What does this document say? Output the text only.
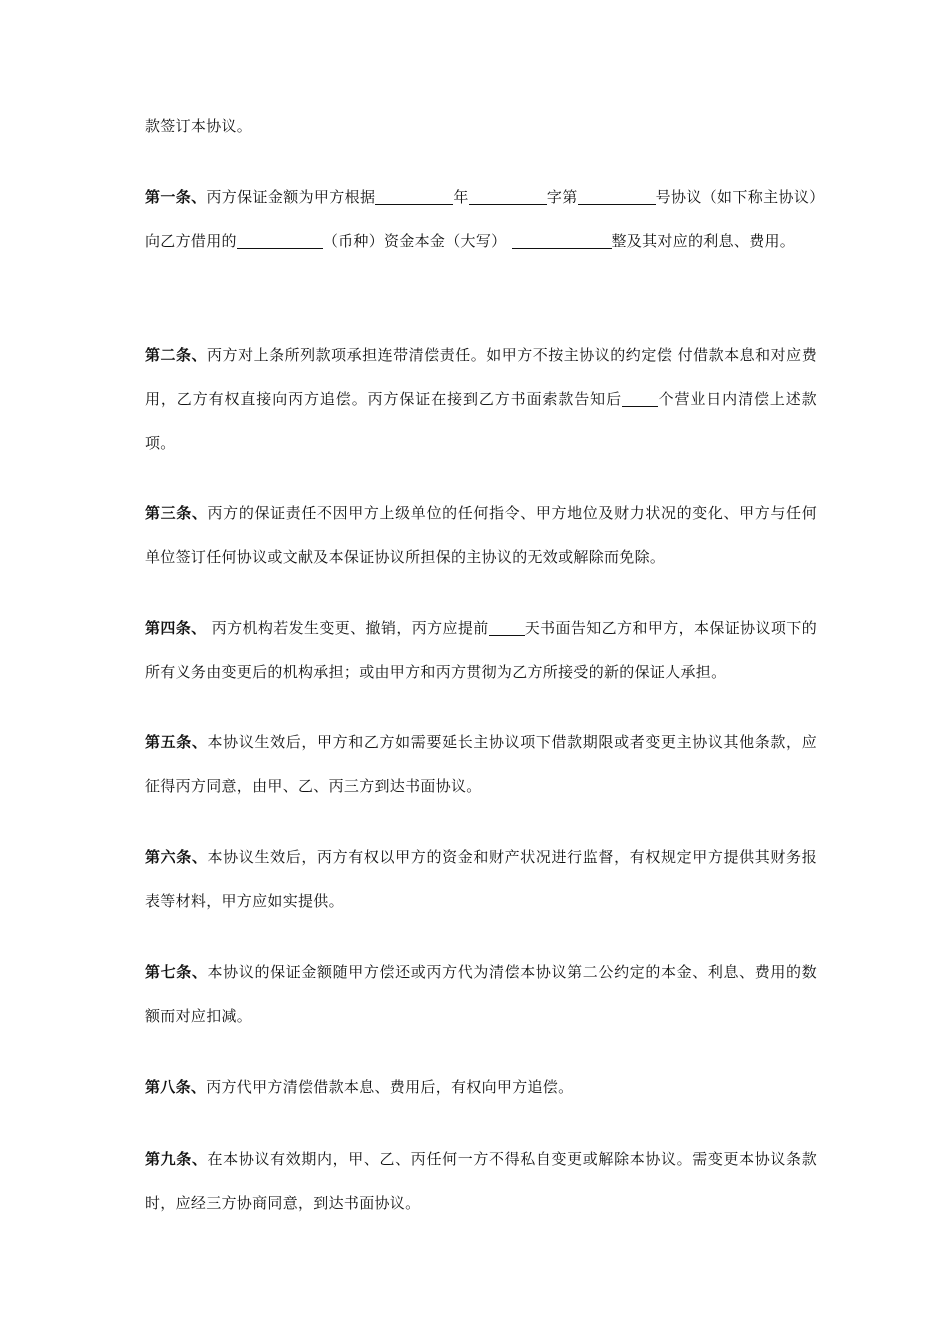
款签订本协议。

第一条、丙方保证金额为甲方根据	年	字第	号协议（如下称主协议）向乙方借用的	（币种）资金本金（大写）	整及其对应的利息、费用。

第二条、丙方对上条所列款项承担连带清偿责任。如甲方不按主协议的约定偿 付借款本息和对应费用，乙方有权直接向丙方追偿。丙方保证在接到乙方书面索款告知后 个营业日内清偿上述款项。

第三条、丙方的保证责任不因甲方上级单位的任何指令、甲方地位及财力状况的变化、甲方与任何单位签订任何协议或文献及本保证协议所担保的主协议的无效或解除而免除。

第四条、 丙方机构若发生变更、撤销，丙方应提前 天书面告知乙方和甲方，本保证协议项下的所有义务由变更后的机构承担；或由甲方和丙方贯彻为乙方所接受的新的保证人承担。

第五条、本协议生效后，甲方和乙方如需要延长主协议项下借款期限或者变更主协议其他条款，应征得丙方同意，由甲、乙、丙三方到达书面协议。

第六条、本协议生效后，丙方有权以甲方的资金和财产状况进行监督，有权规定甲方提供其财务报表等材料，甲方应如实提供。

第七条、本协议的保证金额随甲方偿还或丙方代为清偿本协议第二公约定的本金、利息、费用的数额而对应扣减。

第八条、丙方代甲方清偿借款本息、费用后，有权向甲方追偿。

第九条、在本协议有效期内，甲、乙、丙任何一方不得私自变更或解除本协议。需变更本协议条款时，应经三方协商同意，到达书面协议。
